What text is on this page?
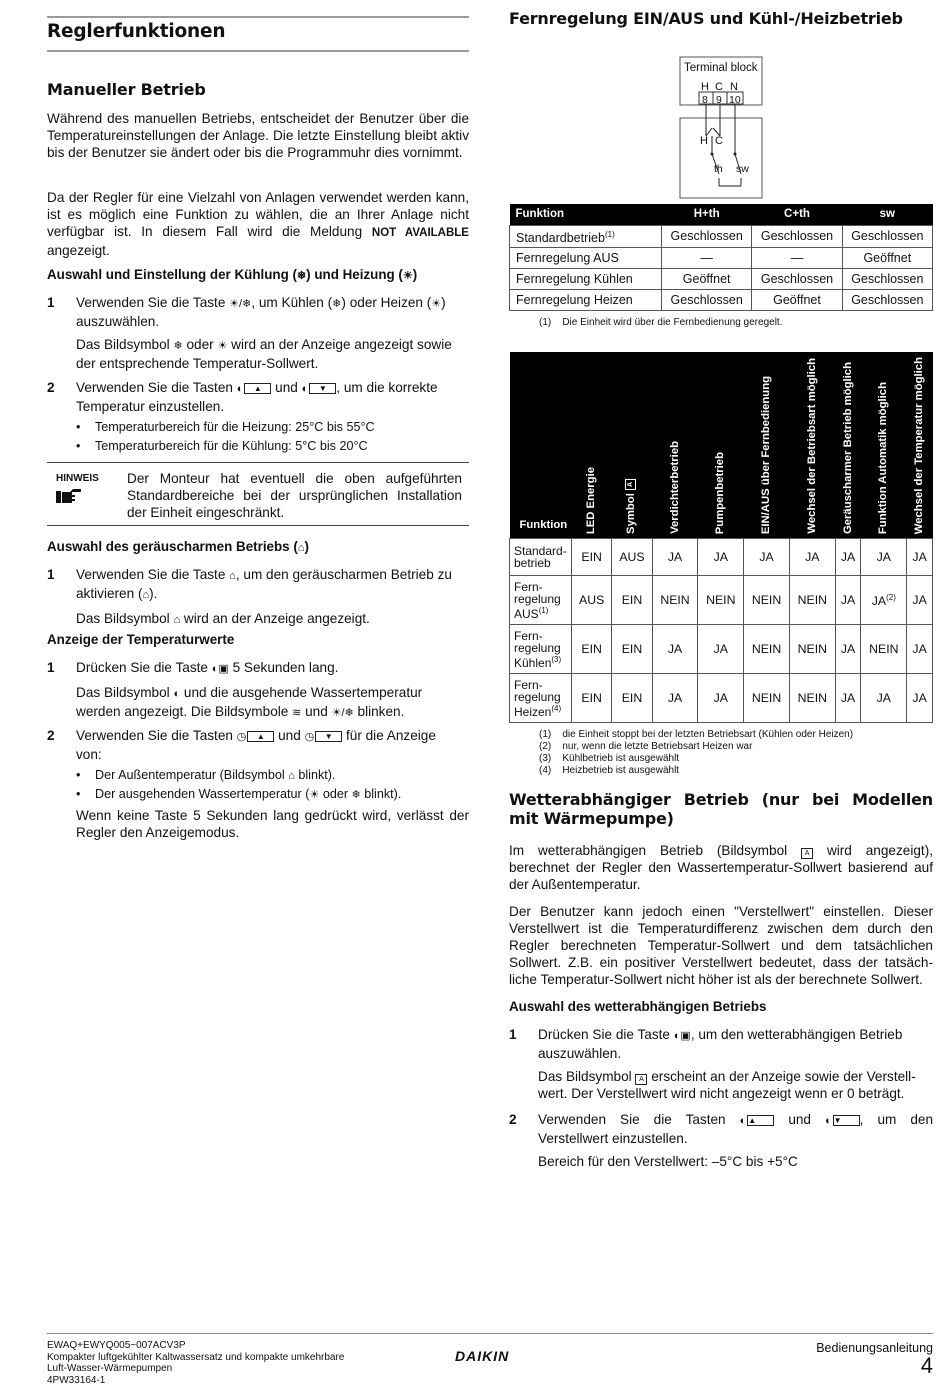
Reglerfunktionen
Manueller Betrieb

Während des manuellen Betriebs, entscheidet der Benutzer über die Temperatureinstellungen der Anlage. Die letzte Einstellung bleibt aktiv bis der Benutzer sie ändert oder bis die Programmuhr dies vornimmt.

Da der Regler für eine Vielzahl von Anlagen verwendet werden kann, ist es möglich eine Funktion zu wählen, die an Ihrer Anlage nicht verfügbar ist. In diesem Fall wird die Meldung NOT AVAILABLE angezeigt.

Auswahl und Einstellung der Kühlung (❄) und Heizung (☀)
1 Verwenden Sie die Taste ☀/❄, um Kühlen (❄) oder Heizen (☀)
auszuwählen.
Das Bildsymbol ❄ oder ☀ wird an der Anzeige angezeigt sowie
der entsprechende Temperatur-Sollwert.
2 Verwenden Sie die Tasten ◐ ▲ und ◐ ▼ , um die korrekte
Temperatur einzustellen.
• Temperaturbereich für die Heizung: 25°C bis 55°C
• Temperaturbereich für die Kühlung: 5°C bis 20°C
HINWEIS Der Monteur hat eventuell die oben aufgeführten Standardbereiche bei der ursprünglichen Installation der Einheit eingeschränkt.

Auswahl des geräuscharmen Betriebs (⌂)
1 Verwenden Sie die Taste ⌂, um den geräuscharmen Betrieb zu
aktivieren (⌂).
Das Bildsymbol ⌂ wird an der Anzeige angezeigt.
Anzeige der Temperaturwerte
1 Drücken Sie die Taste ◐▣ 5 Sekunden lang.
Das Bildsymbol ◐ und die ausgehende Wassertemperatur
werden angezeigt. Die Bildsymbole ≋ und ☀/❄ blinken.
2 Verwenden Sie die Tasten ◷ ▲ und ◷ ▼ für die Anzeige
von:
• Der Außentemperatur (Bildsymbol ⌂ blinkt).
• Der ausgehenden Wassertemperatur (☀ oder ❄ blinkt).

Wenn keine Taste 5 Sekunden lang gedrückt wird, verlässt der Regler den Anzeigemodus.

Fernregelung EIN/AUS und Kühl-/Heizbetrieb
Terminal block
H C N
8 9 10
H C
th sw
Funktion	H+th	C+th	sw
Standardbetrieb$^{(1)}$	Geschlossen	Geschlossen	Geschlossen
Fernregelung AUS	—	—	Geöffnet
Fernregelung Kühlen	Geöffnet	Geschlossen	Geschlossen
Fernregelung Heizen	Geschlossen	Geöffnet	Geschlossen
(1)    Die Einheit wird über die Fernbedienung geregelt.
Funktion	LED Energie	Symbol A	Verdichterbetrieb	Pumpenbetrieb	EIN/AUS über Fernbedienung	Wechsel der Betriebsart möglich	Geräuscharmer Betrieb möglich	Funktion Automatik möglich	Wechsel der Temperatur möglich

Standard-
betrieb	EIN	AUS	JA	JA	JA	JA	JA	JA	JA
Fern-
regelung
AUS$^{(1)}$	AUS	EIN	NEIN	NEIN	NEIN	NEIN	JA	JA$^{(2)}$	JA
Fern-
regelung
Kühlen$^{(3)}$	EIN	EIN	JA	JA	NEIN	NEIN	JA	NEIN	JA
Fern-
regelung
Heizen$^{(4)}$	EIN	EIN	JA	JA	NEIN	NEIN	JA	JA	JA
(1)    die Einheit stoppt bei der letzten Betriebsart (Kühlen oder Heizen)
(2)    nur, wenn die letzte Betriebsart Heizen war
(3)    Kühlbetrieb ist ausgewählt
(4)    Heizbetrieb ist ausgewählt
Wetterabhängiger Betrieb (nur bei Modellen
mit Wärmepumpe)

Im wetterabhängigen Betrieb (Bildsymbol	A wird angezeigt), berechnet der Regler den Wassertemperatur-Sollwert basierend auf der Außentemperatur.

Der Benutzer kann jedoch einen "Verstellwert" einstellen. Dieser Verstellwert ist die Temperaturdifferenz zwischen dem durch den Regler berechneten Temperatur-Sollwert und dem tatsächlichen Sollwert. Z.B. ein positiver Verstellwert bedeutet, dass der tatsäch-liche Temperatur-Sollwert nicht höher ist als der berechnete Sollwert.

Auswahl des wetterabhängigen Betriebs
1 Drücken Sie die Taste ◐▣, um den wetterabhängigen Betrieb
auszuwählen.
Das Bildsymbol A erscheint an der Anzeige sowie der Verstell-
wert. Der Verstellwert wird nicht angezeigt wenn er 0 beträgt.
2 Verwenden Sie die Tasten ◐ ▲ und ◐ ▼ , um den
Verstellwert einzustellen.
Bereich für den Verstellwert: –5°C bis +5°C
EWAQ+EWYQ005~007ACV3P
Kompakter luftgekühlter Kaltwassersatz und kompakte umkehrbare
Luft-Wasser-Wärmepumpen
4PW33164-1
DAIKIN	Bedienungsanleitung
4
